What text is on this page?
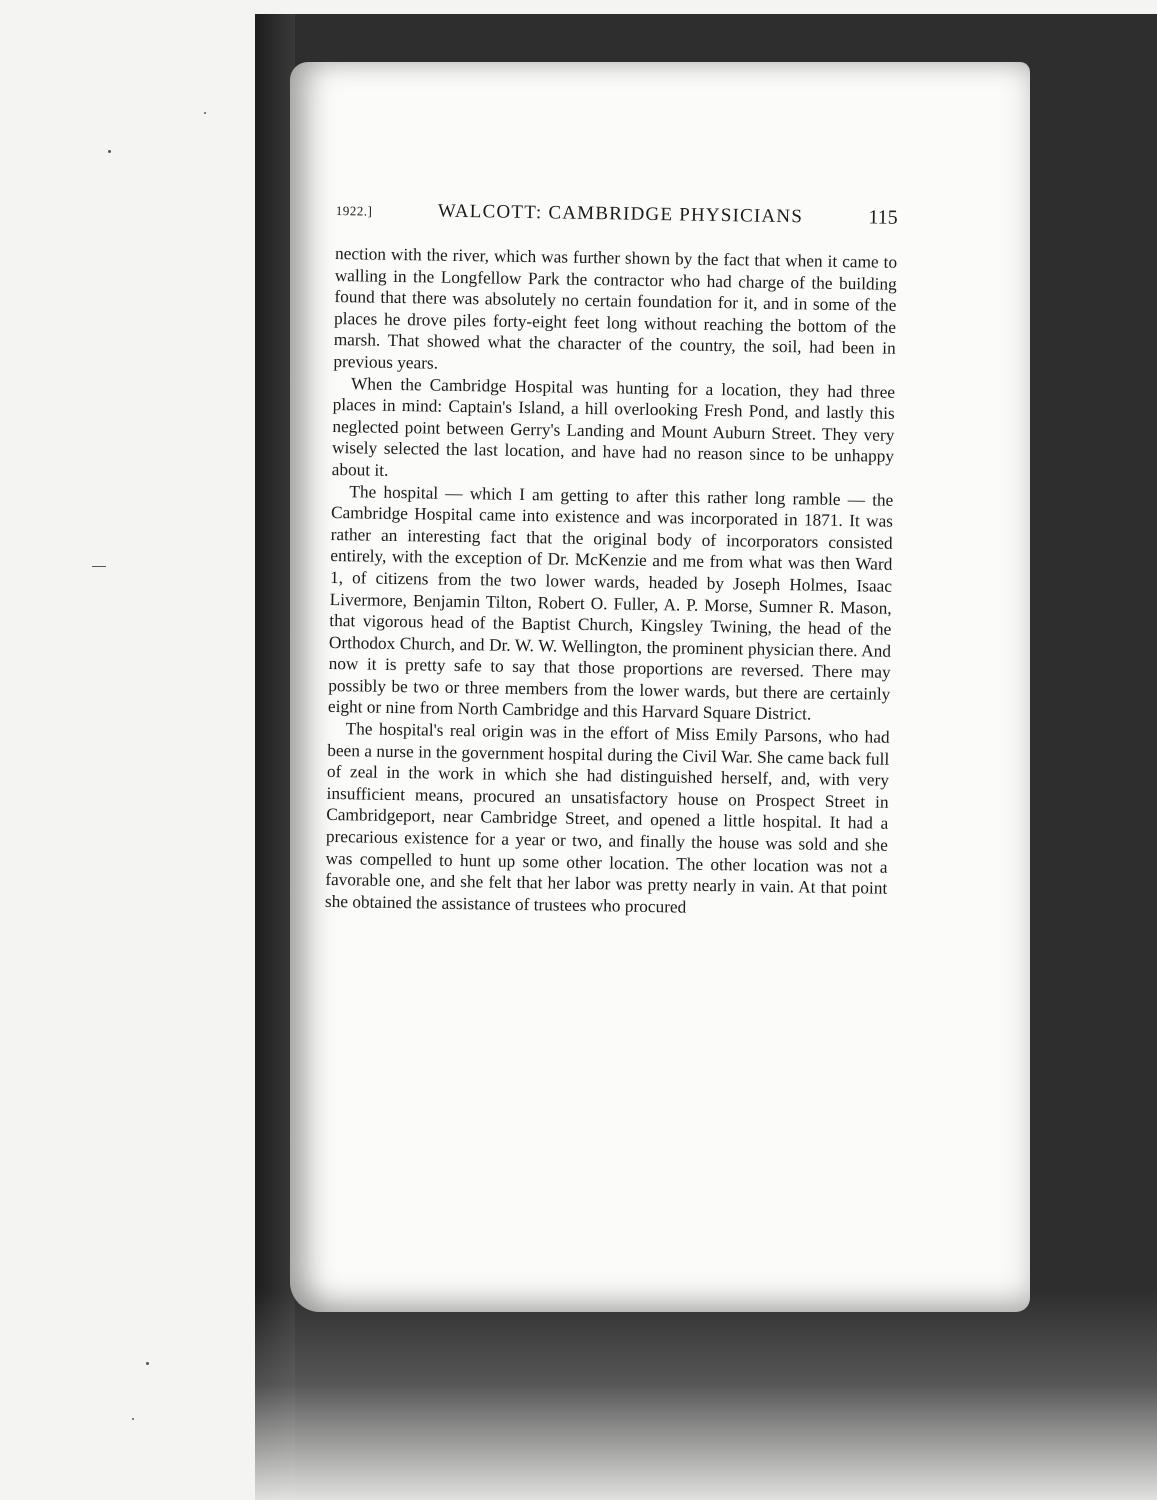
1922.]	WALCOTT: CAMBRIDGE PHYSICIANS	115

nection with the river, which was further shown by the fact that when it came to walling in the Longfellow Park the contractor who had charge of the building found that there was absolutely no certain foundation for it, and in some of the places he drove piles forty-eight feet long without reaching the bottom of the marsh. That showed what the character of the country, the soil, had been in previous years.

When the Cambridge Hospital was hunting for a location, they had three places in mind: Captain's Island, a hill overlooking Fresh Pond, and lastly this neglected point between Gerry's Landing and Mount Auburn Street. They very wisely selected the last location, and have had no reason since to be unhappy about it.

The hospital — which I am getting to after this rather long ramble — the Cambridge Hospital came into existence and was incorporated in 1871. It was rather an interesting fact that the original body of incorporators consisted entirely, with the exception of Dr. McKenzie and me from what was then Ward 1, of citizens from the two lower wards, headed by Joseph Holmes, Isaac Livermore, Benjamin Tilton, Robert O. Fuller, A. P. Morse, Sumner R. Mason, that vigorous head of the Baptist Church, Kingsley Twining, the head of the Orthodox Church, and Dr. W. W. Wellington, the prominent physician there. And now it is pretty safe to say that those proportions are reversed. There may possibly be two or three members from the lower wards, but there are certainly eight or nine from North Cambridge and this Harvard Square District.

The hospital's real origin was in the effort of Miss Emily Parsons, who had been a nurse in the government hospital during the Civil War. She came back full of zeal in the work in which she had distinguished herself, and, with very insufficient means, procured an unsatisfactory house on Prospect Street in Cambridgeport, near Cambridge Street, and opened a little hospital. It had a precarious existence for a year or two, and finally the house was sold and she was compelled to hunt up some other location. The other location was not a favorable one, and she felt that her labor was pretty nearly in vain. At that point she obtained the assistance of trustees who procured
